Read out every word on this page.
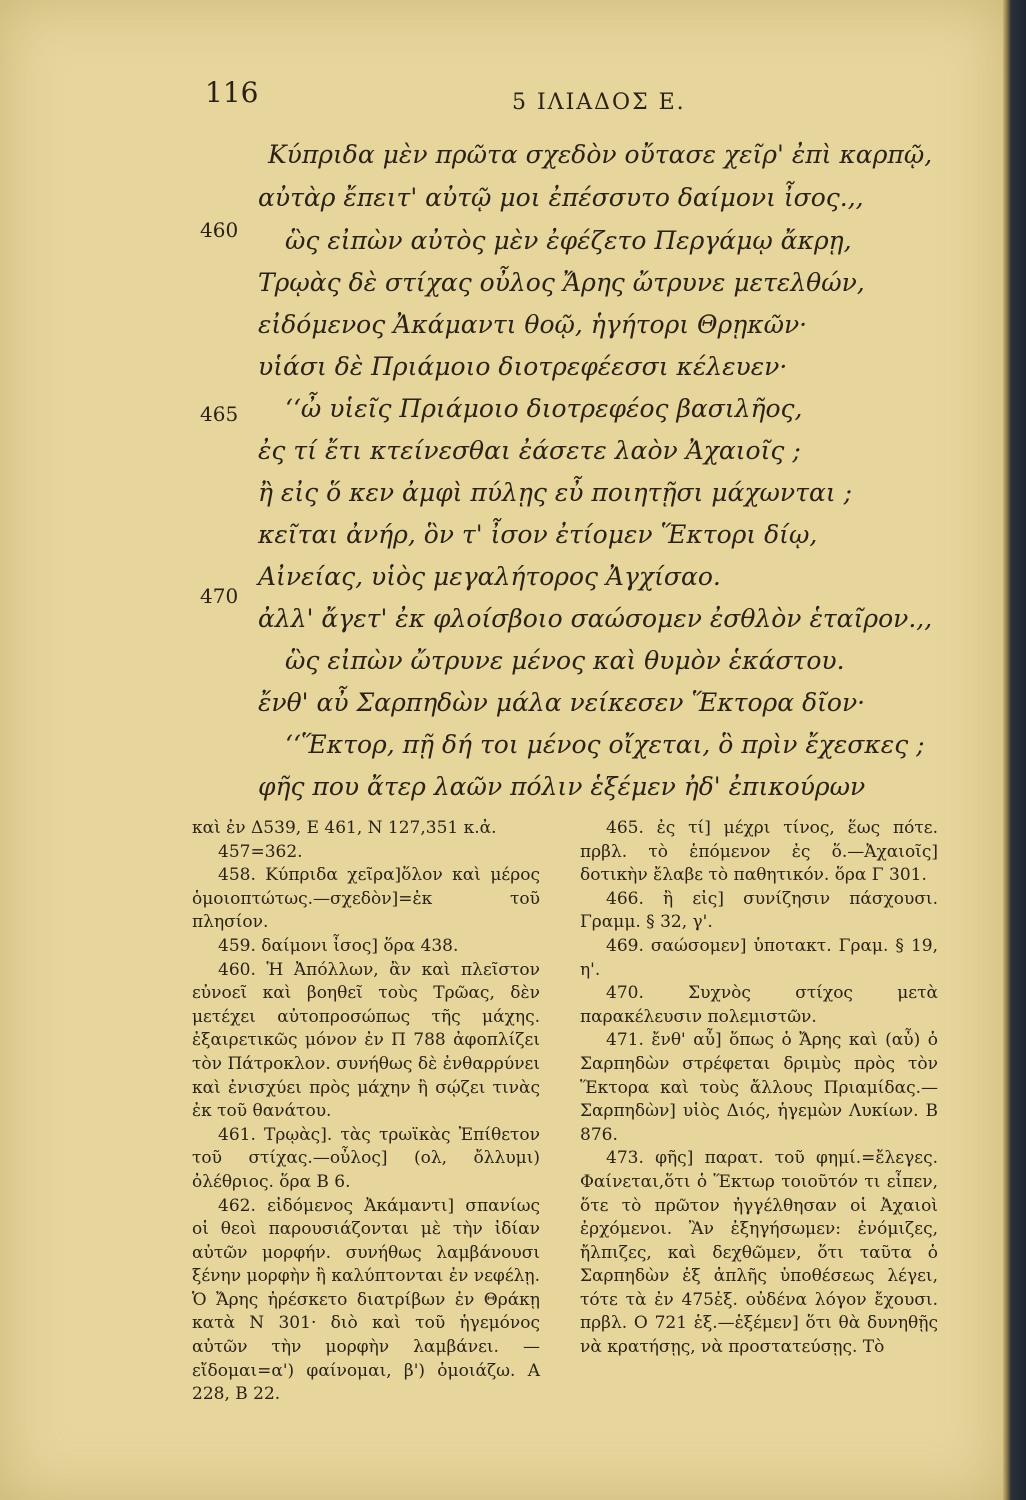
116	5 ΙΛΙΑΔΟΣ Ε.
Κύπριδα μὲν πρῶτα σχεδὸν οὔτασε χεῖρ' ἐπὶ καρπῷ,
αὐτὰρ ἔπειτ' αὐτῷ μοι ἐπέσσυτο δαίμονι ἶσος.,,
460 ὣς εἰπὼν αὐτὸς μὲν ἐφέζετο Περγάμῳ ἄκρῃ,
Τρῳὰς δὲ στίχας οὖλος Ἄρης ὤτρυνε μετελθών,
εἰδόμενος Ἀκάμαντι θοῷ, ἡγήτορι Θρῃκῶν·
υἱάσι δὲ Πριάμοιο διοτρεφέεσσι κέλευεν·
‘‘ὦ υἱεῖς Πριάμοιο διοτρεφέος βασιλῆος,
465
ἐς τί ἔτι κτείνεσθαι ἐάσετε λαὸν Ἀχαιοῖς ;
ἢ εἰς ὅ κεν ἀμφὶ πύλῃς εὖ ποιητῇσι μάχωνται ;
κεῖται ἀνήρ, ὃν τ' ἶσον ἐτίομεν Ἕκτορι δίῳ,
Αἰνείας, υἱὸς μεγαλήτορος Ἀγχίσαο.
ἀλλ' ἄγετ' ἐκ φλοίσβοιο σαώσομεν ἐσθλὸν ἑταῖρον.,,
470
ὣς εἰπὼν ὤτρυνε μένος καὶ θυμὸν ἑκάστου.
ἔνθ' αὖ Σαρπηδὼν μάλα νείκεσεν Ἕκτορα δῖον·
‘‘Ἕκτορ, πῇ δή τοι μένος οἴχεται, ὃ πρὶν ἔχεσκες ;
φῆς που ἄτερ λαῶν πόλιν ἑξέμεν ἠδ' ἐπικούρων

καὶ ἐν Δ539, Ε 461, Ν 127,351 κ.ἀ.

457=362.

458. Κύπριδα χεῖρα]ὅλον καὶ μέρος ὁμοιοπτώτως.—σχεδὸν]=ἐκ τοῦ πλησίον.

459. δαίμονι ἶσος] ὅρα 438.

460. Ἡ Ἀπόλλων, ἂν καὶ πλεῖστον εὐνοεῖ καὶ βοηθεῖ τοὺς Τρῶας, δὲν μετέχει αὐτοπροσώπως τῆς μάχης. ἐξαιρετικῶς μόνον ἐν Π 788 ἀφοπλίζει τὸν Πάτροκλον. συνήθως δὲ ἐνθαρρύνει καὶ ἐνισχύει πρὸς μάχην ἢ σῴζει τινὰς ἐκ τοῦ θανάτου.

461. Τρῳὰς]. τὰς τρωϊκὰς Ἐπίθετον τοῦ στίχας.—οὖλος] (ολ, ὄλλυμι) ὀλέθριος. ὅρα Β 6.

462. εἰδόμενος Ἀκάμαντι] σπανίως οἱ θεοὶ παρουσιάζονται μὲ τὴν ἰδίαν αὐτῶν μορφήν. συνήθως λαμβάνουσι ξένην μορφὴν ἢ καλύπτονται ἐν νεφέλῃ. Ὁ Ἄρης ἠρέσκετο διατρίβων ἐν Θράκῃ κατὰ Ν 301· διὸ καὶ τοῦ ἡγεμόνος αὐτῶν τὴν μορφὴν λαμβάνει. — εἴδομαι=α') φαίνομαι, β') ὁμοιάζω. Α 228, Β 22.

465. ἐς τί] μέχρι τίνος, ἕως πότε. πρβλ. τὸ ἑπόμενον ἐς ὅ.—Ἀχαιοῖς] δοτικὴν ἔλαβε τὸ παθητικόν. ὅρα Γ 301.

466. ἢ εἰς] συνίζησιν πάσχουσι. Γραμμ. § 32, γ'.

469. σαώσομεν] ὑποτακτ. Γραμ. § 19, η'.

470. Συχνὸς στίχος μετὰ παρακέλευσιν πολεμιστῶν.

471. ἔνθ' αὖ] ὅπως ὁ Ἄρης καὶ (αὖ) ὁ Σαρπηδὼν στρέφεται δριμὺς πρὸς τὸν Ἕκτορα καὶ τοὺς ἄλλους Πριαμίδας.—Σαρπηδὼν] υἱὸς Διός, ἡγεμὼν Λυκίων. Β 876.

473. φῆς] παρατ. τοῦ φημί.=ἔλεγες. Φαίνεται,ὅτι ὁ Ἕκτωρ τοιοῦτόν τι εἶπεν, ὅτε τὸ πρῶτον ἠγγέλθησαν οἱ Ἀχαιοὶ ἐρχόμενοι. Ἂν ἐξηγήσωμεν: ἐνόμιζες, ἤλπιζες, καὶ δεχθῶμεν, ὅτι ταῦτα ὁ Σαρπηδὼν ἐξ ἁπλῆς ὑποθέσεως λέγει, τότε τὰ ἐν 475ἑξ. οὐδένα λόγον ἔχουσι. πρβλ. Ο 721 ἑξ.—ἑξέμεν] ὅτι θὰ δυνηθῇς νὰ κρατήσῃς, νὰ προστατεύσῃς. Τὸ
